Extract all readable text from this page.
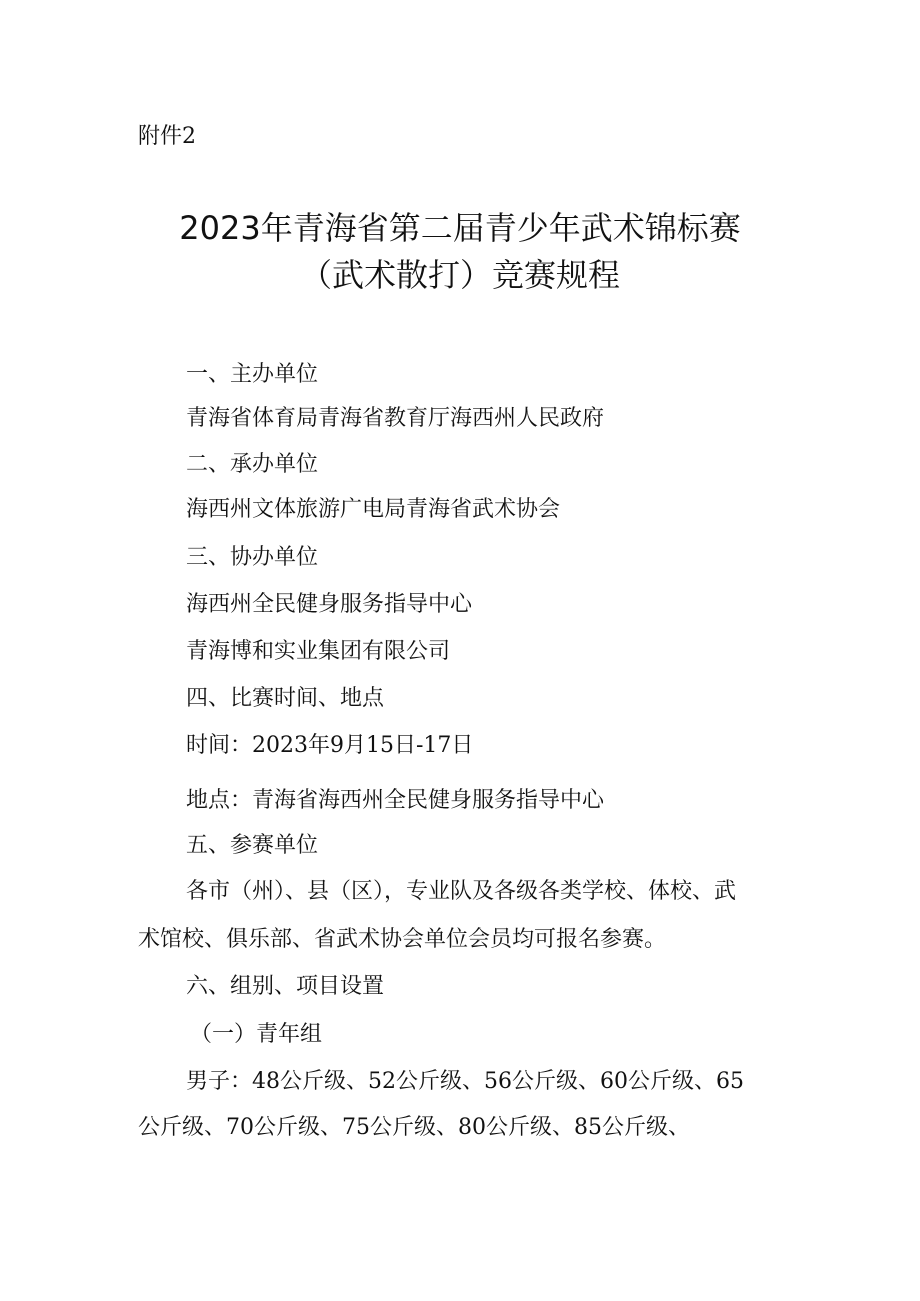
附件2
2023年青海省第二届青少年武术锦标赛
（武术散打）竞赛规程
一、主办单位
青海省体育局青海省教育厅海西州人民政府
二、承办单位
海西州文体旅游广电局青海省武术协会
三、协办单位
海西州全民健身服务指导中心
青海博和实业集团有限公司
四、比赛时间、地点
时间：2023年9月15日-17日
地点：青海省海西州全民健身服务指导中心
五、参赛单位
各市（州）、县（区），专业队及各级各类学校、体校、武
术馆校、俱乐部、省武术协会单位会员均可报名参赛。
六、组别、项目设置
（一）青年组
男子：48公斤级、52公斤级、56公斤级、60公斤级、65
公斤级、70公斤级、75公斤级、80公斤级、85公斤级、
